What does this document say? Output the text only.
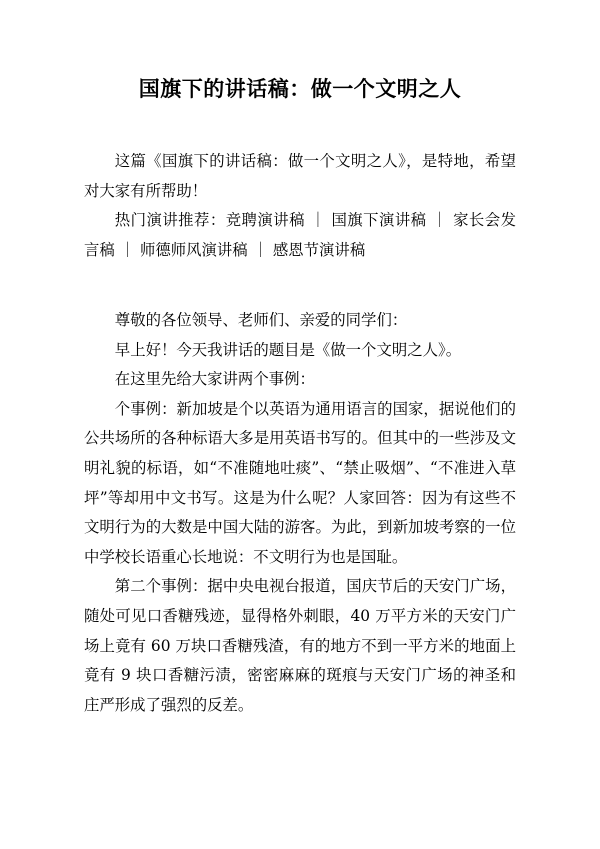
国旗下的讲话稿：做一个文明之人

这篇《国旗下的讲话稿：做一个文明之人》，是特地，希望对大家有所帮助！

热门演讲推荐：竞聘演讲稿 ｜ 国旗下演讲稿 ｜ 家长会发言稿 ｜ 师德师风演讲稿 ｜ 感恩节演讲稿

尊敬的各位领导、老师们、亲爱的同学们：

早上好！今天我讲话的题目是《做一个文明之人》。

在这里先给大家讲两个事例：

个事例：新加坡是个以英语为通用语言的国家，据说他们的公共场所的各种标语大多是用英语书写的。但其中的一些涉及文明礼貌的标语，如“不准随地吐痰”、“禁止吸烟”、“不准进入草坪”等却用中文书写。这是为什么呢？人家回答：因为有这些不文明行为的大数是中国大陆的游客。为此，到新加坡考察的一位中学校长语重心长地说：不文明行为也是国耻。

第二个事例：据中央电视台报道，国庆节后的天安门广场，随处可见口香糖残迹，显得格外刺眼，40 万平方米的天安门广场上竟有 60 万块口香糖残渣，有的地方不到一平方米的地面上竟有 9 块口香糖污渍，密密麻麻的斑痕与天安门广场的神圣和庄严形成了强烈的反差。
